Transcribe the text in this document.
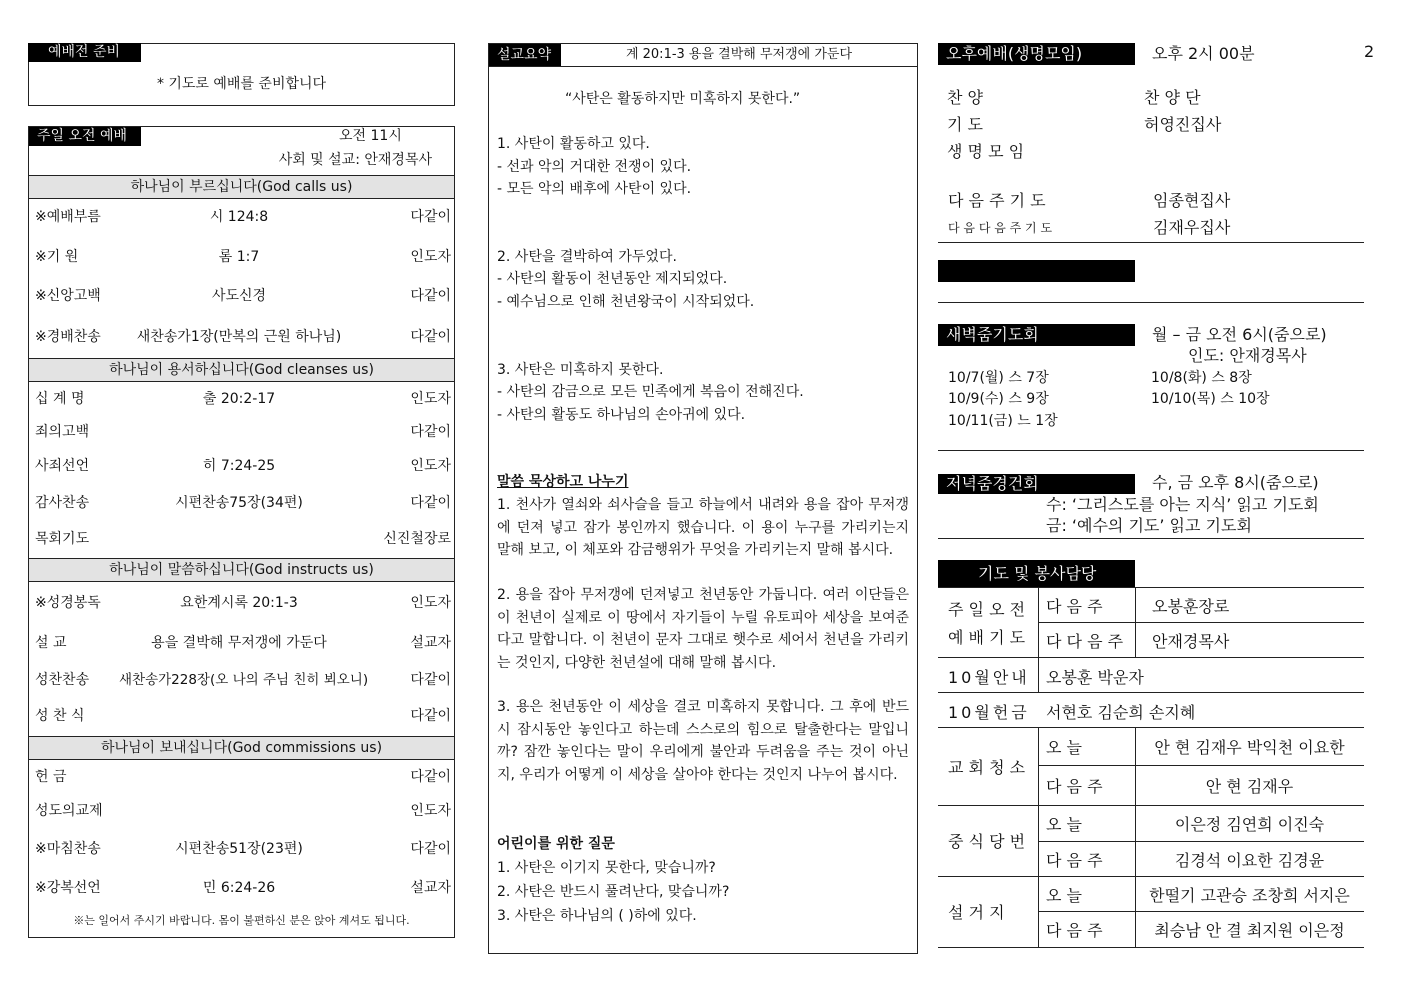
예배전 준비
* 기도로 예배를 준비합니다
주일 오전 예배	오전 11시
사회 및 설교: 안재경목사
하나님이 부르십니다(God calls us)
※예배부름	시 124:8	다같이
※기 원	롬 1:7	인도자
※신앙고백	사도신경	다같이
※경배찬송	새찬송가1장(만복의 근원 하나님)	다같이
하나님이 용서하십니다(God cleanses us)
십 계 명	출 20:2-17	인도자
죄의고백	다같이
사죄선언	히 7:24-25	인도자
감사찬송	시편찬송75장(34편)	다같이
목회기도	신진철장로
하나님이 말씀하십니다(God instructs us)
※성경봉독	요한계시록 20:1-3	인도자
설 교	용을 결박해 무저갱에 가둔다	설교자
성찬찬송 새찬송가228장(오 나의 주님 친히 뵈오니)	다같이
성 찬 식	다같이
하나님이 보내십니다(God commissions us)
헌 금	다같이
성도의교제	인도자
※마침찬송	시편찬송51장(23편)	다같이
※강복선언	민 6:24-26	설교자
※는 일어서 주시기 바랍니다. 몸이 불편하신 분은 앉아 계셔도 됩니다.
설교요약	계 20:1-3 용을 결박해 무저갱에 가둔다
“사탄은 활동하지만 미혹하지 못한다.”
1. 사탄이 활동하고 있다.
- 선과 악의 거대한 전쟁이 있다.
- 모든 악의 배후에 사탄이 있다.
2. 사탄을 결박하여 가두었다.
- 사탄의 활동이 천년동안 제지되었다.
- 예수님으로 인해 천년왕국이 시작되었다.
3. 사탄은 미혹하지 못한다.
- 사탄의 감금으로 모든 민족에게 복음이 전해진다.
- 사탄의 활동도 하나님의 손아귀에 있다.
말씀 묵상하고 나누기
1. 천사가 열쇠와 쇠사슬을 들고 하늘에서 내려와 용을 잡아 무저갱에 던져 넣고 잠가 봉인까지 했습니다. 이 용이 누구를 가리키는지 말해 보고, 이 체포와 감금행위가 무엇을 가리키는지 말해 봅시다.
2. 용을 잡아 무저갱에 던져넣고 천년동안 가둡니다. 여러 이단들은 이 천년이 실제로 이 땅에서 자기들이 누릴 유토피아 세상을 보여준다고 말합니다. 이 천년이 문자 그대로 햇수로 세어서 천년을 가리키는 것인지, 다양한 천년설에 대해 말해 봅시다.
3. 용은 천년동안 이 세상을 결코 미혹하지 못합니다. 그 후에 반드시 잠시동안 놓인다고 하는데 스스로의 힘으로 탈출한다는 말입니까? 잠깐 놓인다는 말이 우리에게 불안과 두려움을 주는 것이 아닌지, 우리가 어떻게 이 세상을 살아야 한다는 것인지 나누어 봅시다.
어린이를 위한 질문
1. 사탄은 이기지 못한다, 맞습니까?
2. 사탄은 반드시 풀려난다, 맞습니까?
3. 사탄은 하나님의 ( )하에 있다.
2
오후예배(생명모임)	오후 2시 00분
찬 양	찬 양 단
기 도	허영진집사
생 명 모 임
다 음 주 기 도	임종현집사
다 음 다 음 주 기 도	김재우집사
새벽줌기도회	월 – 금 오전 6시(줌으로)
인도: 안재경목사
10/7(월) 스 7장	10/8(화) 스 8장
10/9(수) 스 9장	10/10(목) 스 10장
10/11(금) 느 1장
저녁줌경건회	수, 금 오후 8시(줌으로)
수: ‘그리스도를 아는 지식’ 읽고 기도회
금: ‘예수의 기도’ 읽고 기도회
기도 및 봉사담당
주 일 오 전
예 배 기 도
다 음 주	오봉훈장로
다 다 음 주 안재경목사
10월안내 오봉훈 박운자
10월헌금 서현호 김순희 손지혜
교 회 청 소
오 늘	안 현 김재우 박익천 이요한
다 음 주	안 현 김재우
중 식 당 번
오 늘	이은정 김연희 이진숙
다 음 주	김경석 이요한 김경윤
설 거 지
오 늘	한떨기 고관승 조창희 서지은
다 음 주	최승남 안 결 최지원 이은정
